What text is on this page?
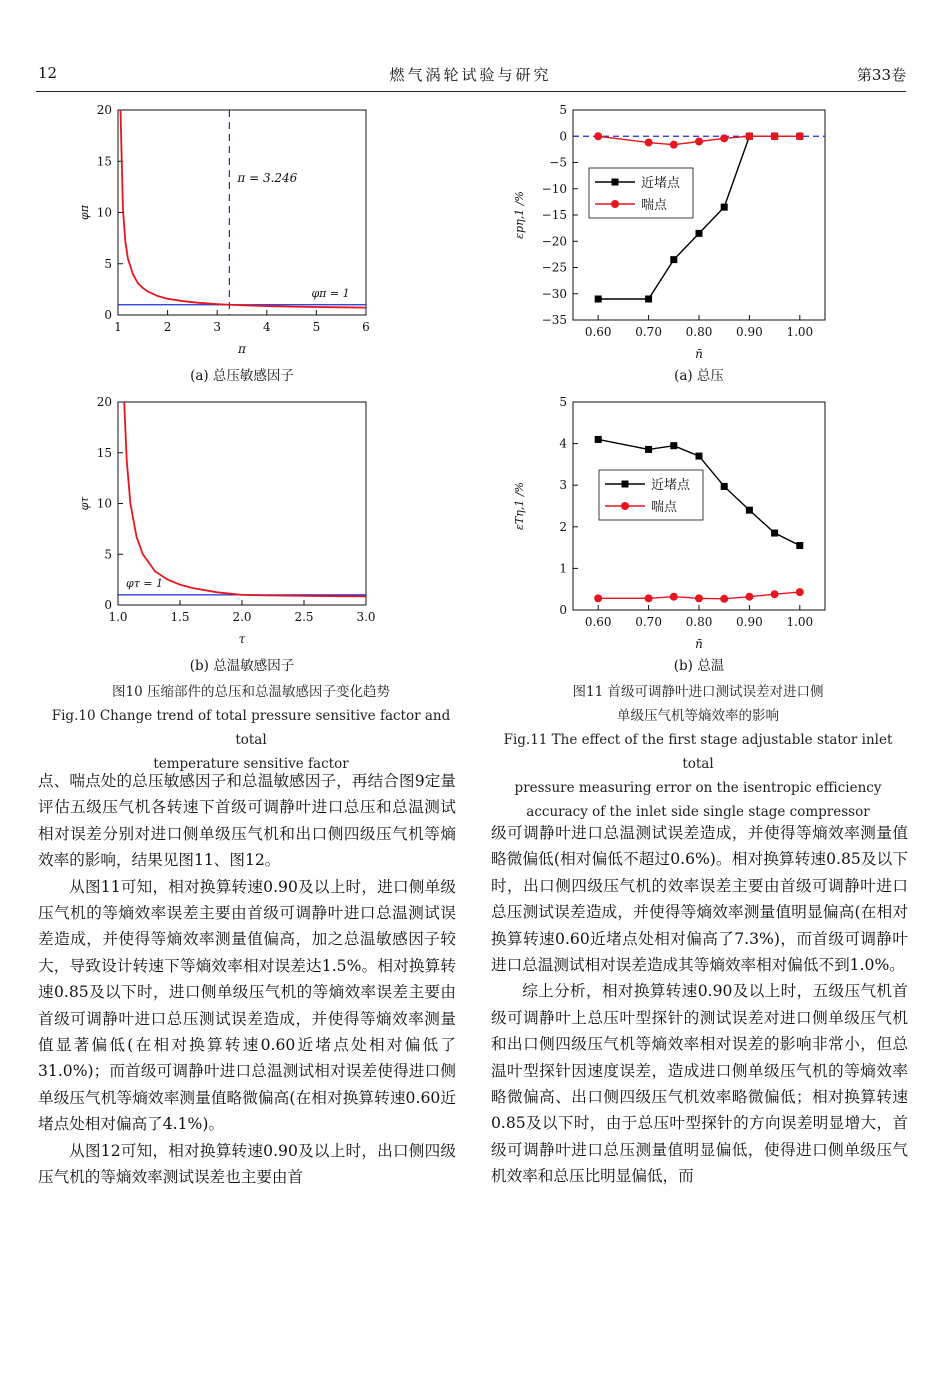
12	燃气涡轮试验与研究	第33卷
1	2	3	4	5	6
0
5
10
15
20
π
φπ
φπ = 1
π = 3.246
(a) 总压敏感因子
0.60 0.70 0.80 0.90 1.00
5
0
−5
−10
−15
−20
−25
−30
−35
n̄
εpη,1 /%
近堵点
喘点
(a) 总压
1.0	1.5	2.0	2.5	3.0
0
5
10
15
20
τ
φτ
φτ = 1
(b) 总温敏感因子
0.60 0.70 0.80 0.90 1.00
5
4
3
2
1
0
n̄
εTη,1 /%	近堵点
喘点
(b) 总温
图10 压缩部件的总压和总温敏感因子变化趋势
Fig.10 Change trend of total pressure sensitive factor and total
temperature sensitive factor
图11 首级可调静叶进口测试误差对进口侧
单级压气机等熵效率的影响
Fig.11 The effect of the first stage adjustable stator inlet total
pressure measuring error on the isentropic efficiency
accuracy of the inlet side single stage compressor

点、喘点处的总压敏感因子和总温敏感因子，再结合图9定量评估五级压气机各转速下首级可调静叶进口总压和总温测试相对误差分别对进口侧单级压气机和出口侧四级压气机等熵效率的影响，结果见图11、图12。

从图11可知，相对换算转速0.90及以上时，进口侧单级压气机的等熵效率误差主要由首级可调静叶进口总温测试误差造成，并使得等熵效率测量值偏高，加之总温敏感因子较大，导致设计转速下等熵效率相对误差达1.5%。相对换算转速0.85及以下时，进口侧单级压气机的等熵效率误差主要由首级可调静叶进口总压测试误差造成，并使得等熵效率测量值显著偏低(在相对换算转速0.60近堵点处相对偏低了31.0%)；而首级可调静叶进口总温测试相对误差使得进口侧单级压气机等熵效率测量值略微偏高(在相对换算转速0.60近堵点处相对偏高了4.1%)。

从图12可知，相对换算转速0.90及以上时，出口侧四级压气机的等熵效率测试误差也主要由首

级可调静叶进口总温测试误差造成，并使得等熵效率测量值略微偏低(相对偏低不超过0.6%)。相对换算转速0.85及以下时，出口侧四级压气机的效率误差主要由首级可调静叶进口总压测试误差造成，并使得等熵效率测量值明显偏高(在相对换算转速0.60近堵点处相对偏高了7.3%)，而首级可调静叶进口总温测试相对误差造成其等熵效率相对偏低不到1.0%。

综上分析，相对换算转速0.90及以上时，五级压气机首级可调静叶上总压叶型探针的测试误差对进口侧单级压气机和出口侧四级压气机等熵效率相对误差的影响非常小，但总温叶型探针因速度误差，造成进口侧单级压气机的等熵效率略微偏高、出口侧四级压气机效率略微偏低；相对换算转速0.85及以下时，由于总压叶型探针的方向误差明显增大，首级可调静叶进口总压测量值明显偏低，使得进口侧单级压气机效率和总压比明显偏低，而
